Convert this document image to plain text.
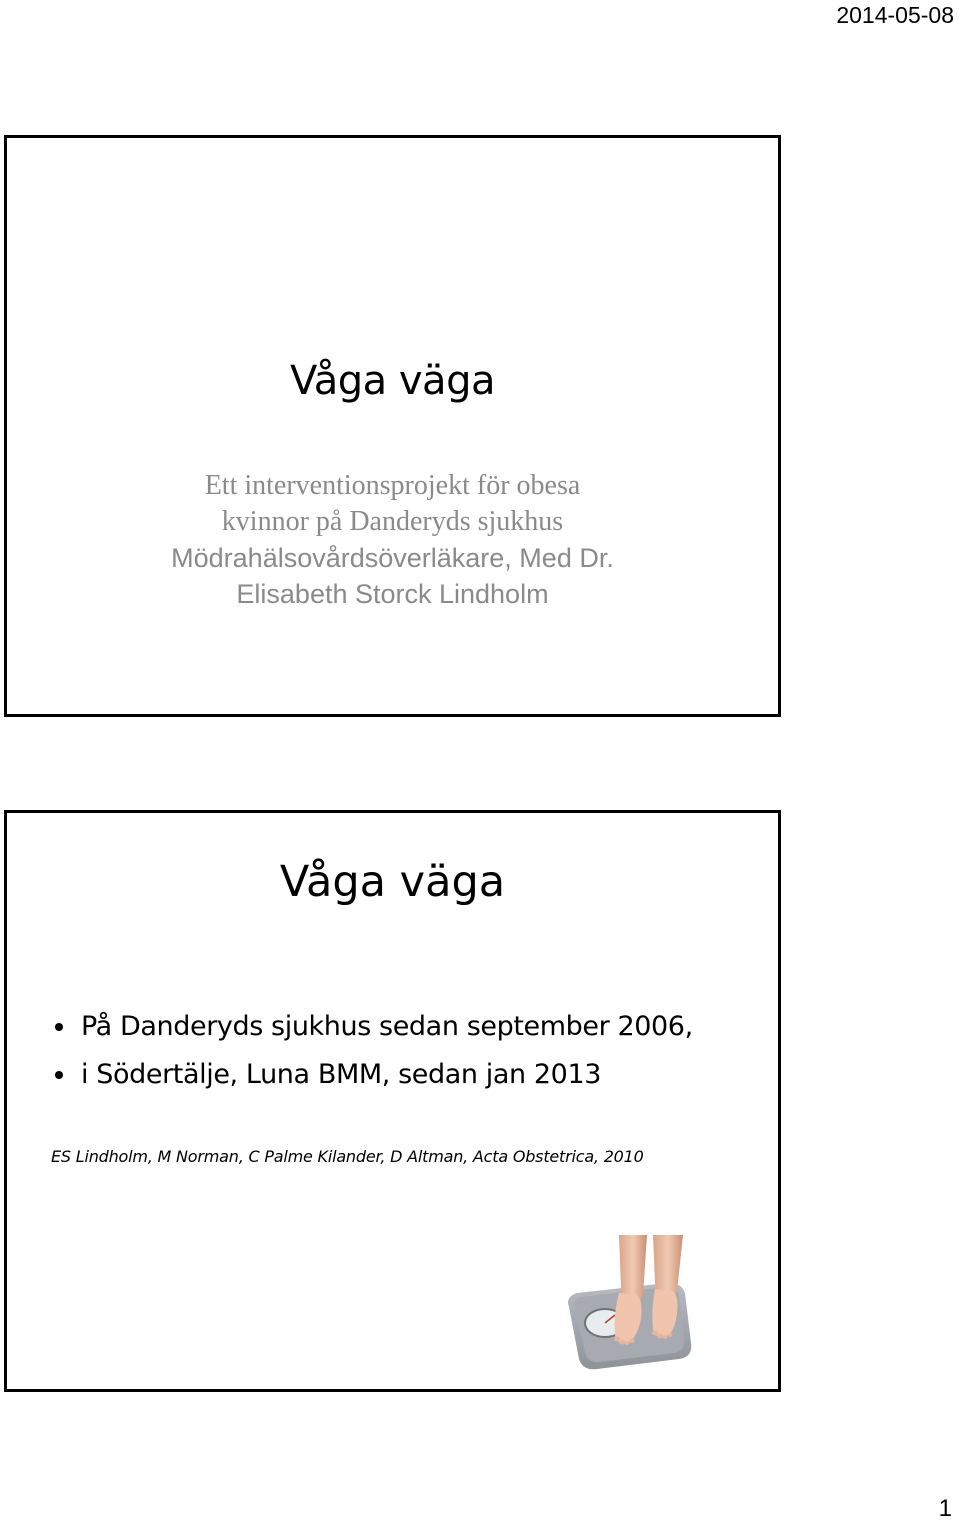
2014-05-08
Våga väga
Ett interventionsprojekt för obesa
kvinnor på Danderyds sjukhus
Mödrahälsovårdsöverläkare, Med Dr.
Elisabeth Storck Lindholm
Våga väga
På Danderyds sjukhus sedan september 2006,
i Södertälje, Luna BMM, sedan jan 2013

ES Lindholm, M Norman, C Palme Kilander, D Altman, Acta Obstetrica, 2010

1
